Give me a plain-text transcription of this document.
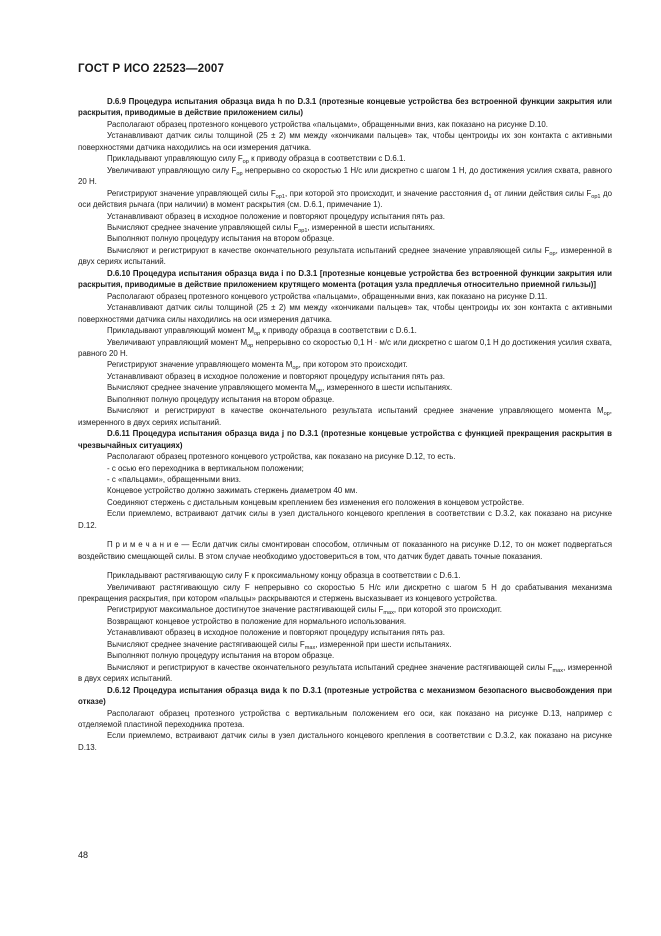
ГОСТ Р ИСО 22523—2007

D.6.9 Процедура испытания образца вида h по D.3.1 (протезные концевые устройства без встроенной функции закрытия или раскрытия, приводимые в действие приложением силы)

Располагают образец протезного концевого устройства «пальцами», обращенными вниз, как показано на рисунке D.10.

Устанавливают датчик силы толщиной (25 ± 2) мм между «кончиками пальцев» так, чтобы центроиды их зон контакта с активными поверхностями датчика находились на оси измерения датчика.

Прикладывают управляющую силу $F_{ор}$ к приводу образца в соответствии с D.6.1.

Увеличивают управляющую силу $F_{ор}$ непрерывно со скоростью 1 Н/с или дискретно с шагом 1 Н, до достижения усилия схвата, равного 20 Н.

Регистрируют значение управляющей силы $F_{ор1}$, при которой это происходит, и значение расстояния $d_1$ от линии действия силы $F_{ор1}$ до оси действия рычага (при наличии) в момент раскрытия (см. D.6.1, примечание 1).

Устанавливают образец в исходное положение и повторяют процедуру испытания пять раз.

Вычисляют среднее значение управляющей силы $F_{ор1}$, измеренной в шести испытаниях.

Выполняют полную процедуру испытания на втором образце.

Вычисляют и регистрируют в качестве окончательного результата испытаний среднее значение управляющей силы $F_{ор}$, измеренной в двух сериях испытаний.

D.6.10 Процедура испытания образца вида i по D.3.1 [протезные концевые устройства без встроенной функции закрытия или раскрытия, приводимые в действие приложением крутящего момента (ротация узла предплечья относительно приемной гильзы)]

Располагают образец протезного концевого устройства «пальцами», обращенными вниз, как показано на рисунке D.11.

Устанавливают датчик силы толщиной (25 ± 2) мм между «кончиками пальцев» так, чтобы центроиды их зон контакта с активными поверхностями датчика силы находились на оси измерения датчика.

Прикладывают управляющий момент $M_{ор}$ к приводу образца в соответствии с D.6.1.

Увеличивают управляющий момент $M_{ор}$ непрерывно со скоростью 0,1 Н · м/с или дискретно с шагом 0,1 Н до достижения усилия схвата, равного 20 Н.

Регистрируют значение управляющего момента $M_{ор}$, при котором это происходит.

Устанавливают образец в исходное положение и повторяют процедуру испытания пять раз.

Вычисляют среднее значение управляющего момента $M_{ор}$, измеренного в шести испытаниях.

Выполняют полную процедуру испытания на втором образце.

Вычисляют и регистрируют в качестве окончательного результата испытаний среднее значение управляющего момента $M_{ор}$, измеренного в двух сериях испытаний.

D.6.11 Процедура испытания образца вида j по D.3.1 (протезные концевые устройства с функцией прекращения раскрытия в чрезвычайных ситуациях)

Располагают образец протезного концевого устройства, как показано на рисунке D.12, то есть.

- с осью его переходника в вертикальном положении;

- с «пальцами», обращенными вниз.

Концевое устройство должно зажимать стержень диаметром 40 мм.

Соединяют стержень с дистальным концевым креплением без изменения его положения в концевом устройстве.

Если приемлемо, встраивают датчик силы в узел дистального концевого крепления в соответствии с D.3.2, как показано на рисунке D.12.

П р и м е ч а н и е — Если датчик силы смонтирован способом, отличным от показанного на рисунке D.12, то он может подвергаться воздействию смещающей силы. В этом случае необходимо удостовериться в том, что датчик будет давать точные показания.

Прикладывают растягивающую силу F к проксимальному концу образца в соответствии с D.6.1.

Увеличивают растягивающую силу F непрерывно со скоростью 5 Н/с или дискретно с шагом 5 Н до срабатывания механизма прекращения раскрытия, при котором «пальцы» раскрываются и стержень высказывает из концевого устройства.

Регистрируют максимальное достигнутое значение растягивающей силы $F_{max}$, при которой это происходит.

Возвращают концевое устройство в положение для нормального использования.

Устанавливают образец в исходное положение и повторяют процедуру испытания пять раз.

Вычисляют среднее значение растягивающей силы $F_{max}$, измеренной при шести испытаниях.

Выполняют полную процедуру испытания на втором образце.

Вычисляют и регистрируют в качестве окончательного результата испытаний среднее значение растягивающей силы $F_{max}$, измеренной в двух сериях испытаний.

D.6.12 Процедура испытания образца вида k по D.3.1 (протезные устройства с механизмом безопасного высвобождения при отказе)

Располагают образец протезного устройства с вертикальным положением его оси, как показано на рисунке D.13, например с отделяемой пластиной переходника протеза.

Если приемлемо, встраивают датчик силы в узел дистального концевого крепления в соответствии с D.3.2, как показано на рисунке D.13.

48
